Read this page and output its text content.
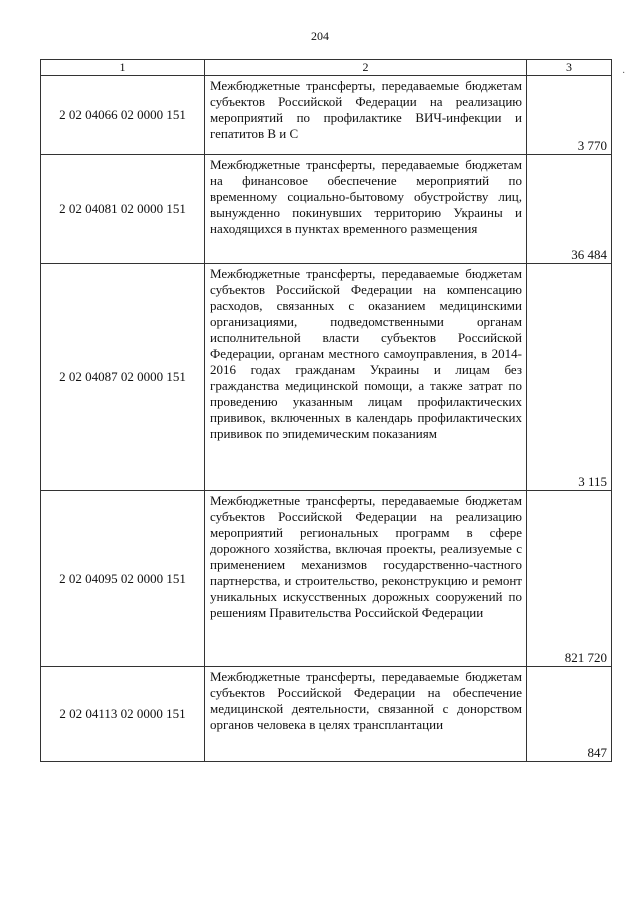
204
·
1	2	3
2 02 04066 02 0000 151	Межбюджетные трансферты, передаваемые бюджетам субъектов Российской Федерации на реализацию мероприятий по профилактике ВИЧ-инфекции и гепатитов В и С	3 770
2 02 04081 02 0000 151	Межбюджетные трансферты, передаваемые бюджетам на финансовое обеспечение мероприятий по временному социально-бытовому обустройству лиц, вынужденно покинувших территорию Украины и находящихся в пунктах временного размещения	36 484
2 02 04087 02 0000 151	Межбюджетные трансферты, передаваемые бюджетам субъектов Российской Федерации на компенсацию расходов, связанных с оказанием медицинскими организациями, подведомственными органам исполнительной власти субъектов Российской Федерации, органам местного самоуправления, в 2014-2016 годах гражданам Украины и лицам без гражданства медицинской помощи, а также затрат по проведению указанным лицам профилактических прививок, включенных в календарь профилактических прививок по эпидемическим показаниям	3 115
2 02 04095 02 0000 151	Межбюджетные трансферты, передаваемые бюджетам субъектов Российской Федерации на реализацию мероприятий региональных программ в сфере дорожного хозяйства, включая проекты, реализуемые с применением механизмов государственно-частного партнерства, и строительство, реконструкцию и ремонт уникальных искусственных дорожных сооружений по решениям Правительства Российской Федерации	821 720
2 02 04113 02 0000 151	Межбюджетные трансферты, передаваемые бюджетам субъектов Российской Федерации на обеспечение медицинской деятельности, связанной с донорством органов человека в целях трансплантации	847
